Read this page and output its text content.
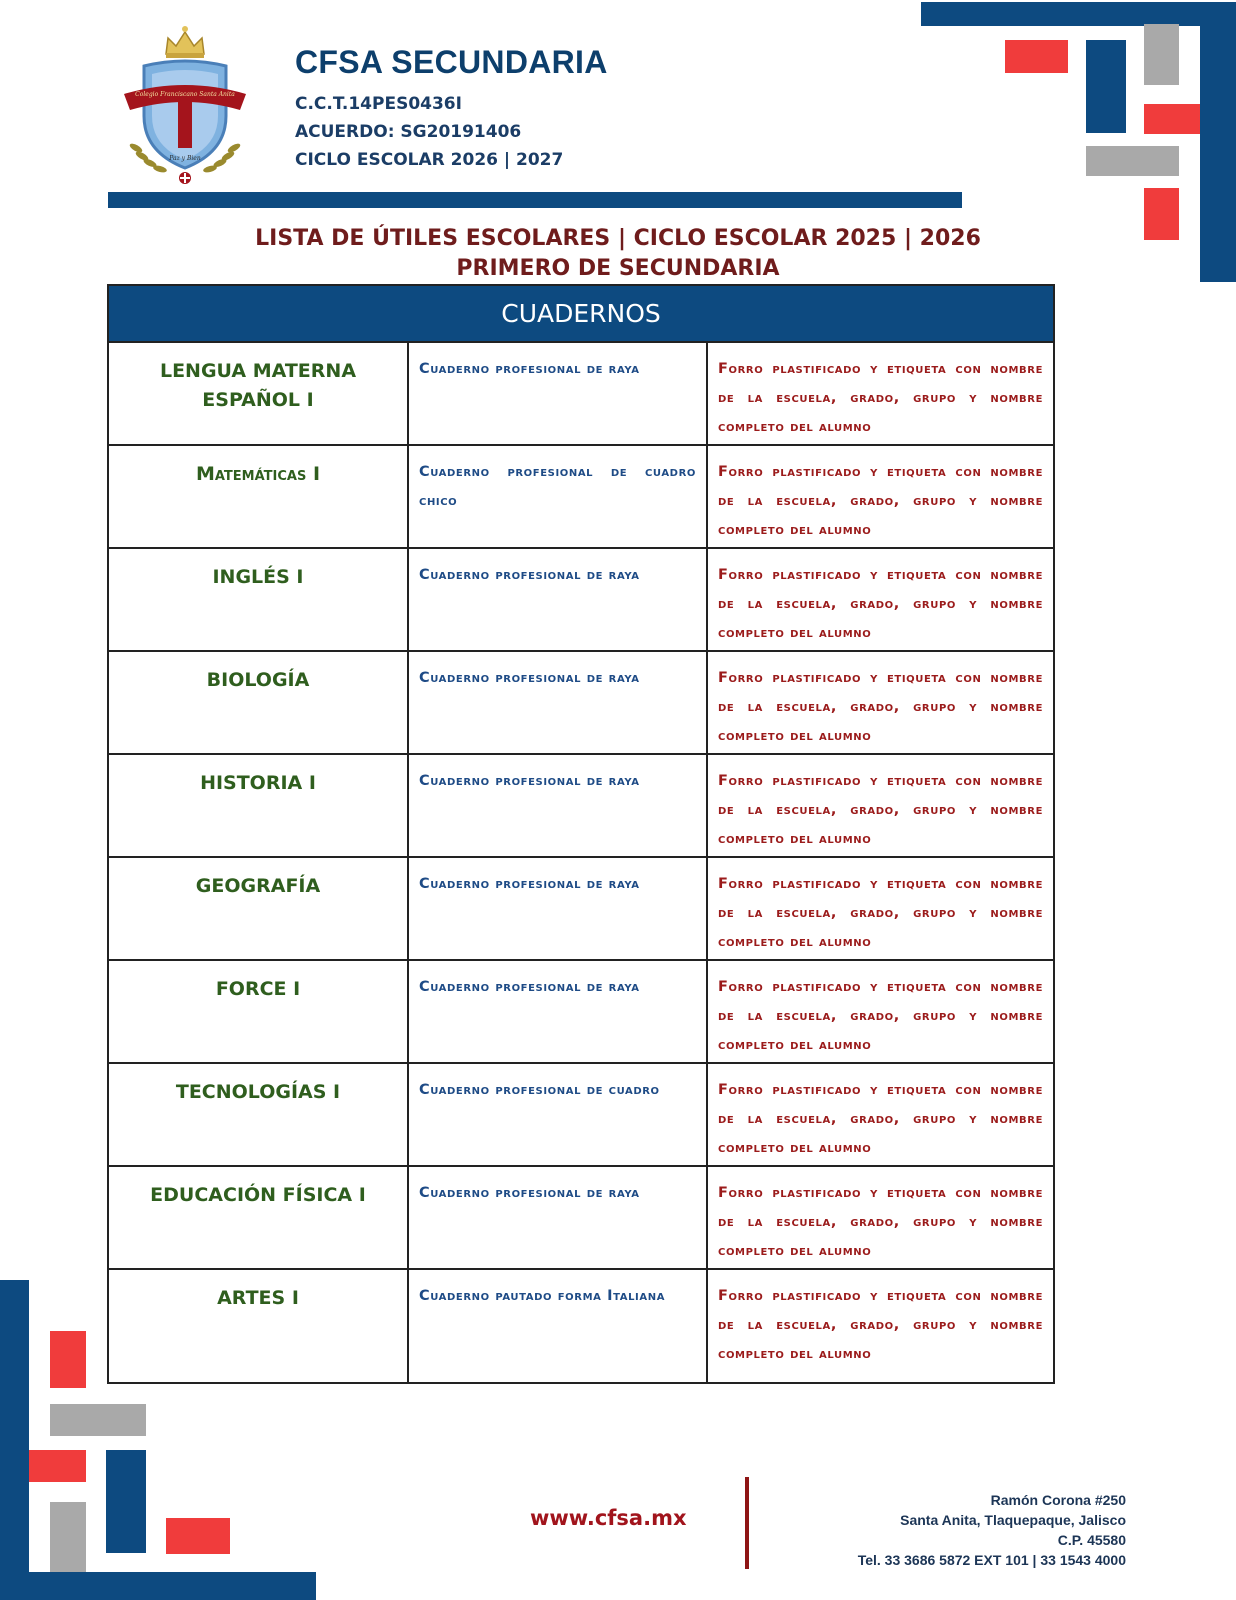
Colegio Franciscano Santa Anita
Paz y Bien
CFSA SECUNDARIA
C.C.T.14PES0436I
ACUERDO: SG20191406
CICLO ESCOLAR 2026 | 2027
LISTA DE ÚTILES ESCOLARES | CICLO ESCOLAR 2025 | 2026
PRIMERO DE SECUNDARIA
CUADERNOS		
LENGUA MATERNA ESPAÑOL I	Cuaderno profesional de raya	Forro plastificado y etiqueta con nombre de la escuela, grado, grupo y nombre completo del alumno
Matemáticas I	Cuaderno profesional de cuadro chico	Forro plastificado y etiqueta con nombre de la escuela, grado, grupo y nombre completo del alumno
INGLÉS I	Cuaderno profesional de raya	Forro plastificado y etiqueta con nombre de la escuela, grado, grupo y nombre completo del alumno
BIOLOGÍA	Cuaderno profesional de raya	Forro plastificado y etiqueta con nombre de la escuela, grado, grupo y nombre completo del alumno
HISTORIA I	Cuaderno profesional de raya	Forro plastificado y etiqueta con nombre de la escuela, grado, grupo y nombre completo del alumno
GEOGRAFÍA	Cuaderno profesional de raya	Forro plastificado y etiqueta con nombre de la escuela, grado, grupo y nombre completo del alumno
FORCE I	Cuaderno profesional de raya	Forro plastificado y etiqueta con nombre de la escuela, grado, grupo y nombre completo del alumno
TECNOLOGÍAS I	Cuaderno profesional de cuadro	Forro plastificado y etiqueta con nombre de la escuela, grado, grupo y nombre completo del alumno
EDUCACIÓN FÍSICA I	Cuaderno profesional de raya	Forro plastificado y etiqueta con nombre de la escuela, grado, grupo y nombre completo del alumno
ARTES I	Cuaderno pautado forma Italiana	Forro plastificado y etiqueta con nombre de la escuela, grado, grupo y nombre completo del alumno
www.cfsa.mx
Ramón Corona #250
Santa Anita, Tlaquepaque, Jalisco
C.P. 45580
Tel. 33 3686 5872 EXT 101 | 33 1543 4000
